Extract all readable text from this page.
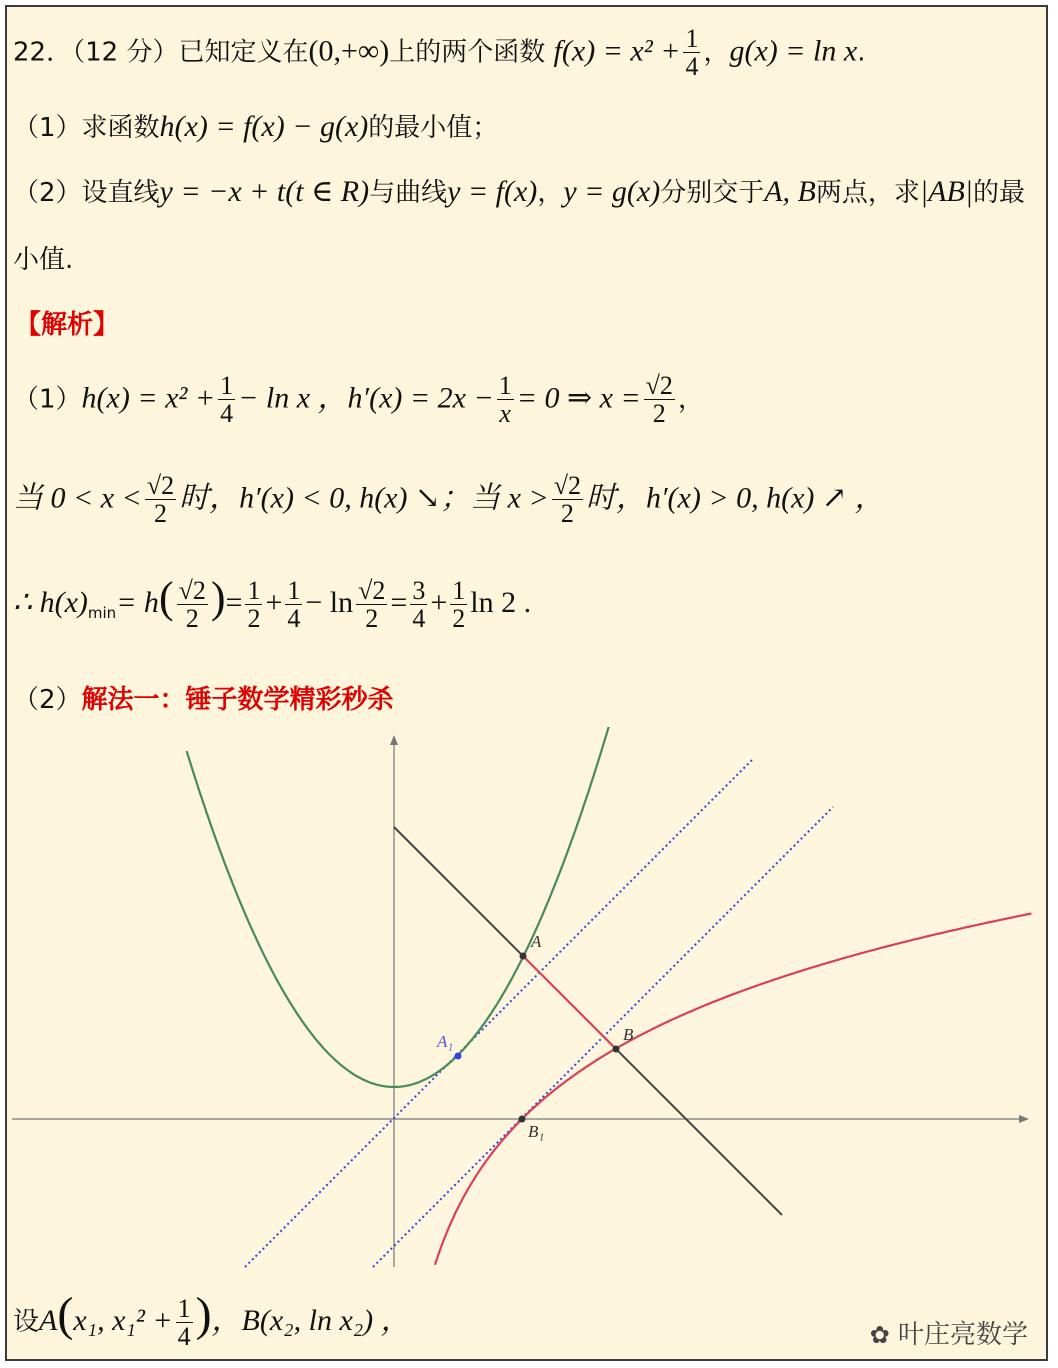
22．（12 分）已知定义在(0,+∞)上的两个函数 $f(x) = x^2 + \frac{1}{4}$ ，g(x) = ln x.
（1）求函数h(x) = f(x) − g(x)的最小值；
（2）设直线y = −x + t(t ∈ R)与曲线y = f(x)，y = g(x)分别交于A, B两点，求|AB|的最
小值.
【解析】
$(1)h(x) = x^2 + \frac{1}{4} - \ln x$ ，$h'(x) = 2x - \frac{1}{x} = 0$ ⇒ $x = \frac{√2}{2}$ ，
当 $0 < x < \frac{√2}{2}$ 时，h′(x) < 0, h(x) ↘；当 $x > \frac{√2}{2}$ 时，h′(x) > 0, h(x) ↗ ，
∴ $h(x)_{min}= h( \frac{√2}{2}$ )= $\frac{1}{2} + \frac{1}{4} - \ln \frac{√2}{2} = \frac{3}{4} + \frac{1}{2}$ ln 2 .
（2）解法一：锤子数学精彩秒杀
A
A₁	B
B₁
设A(x₁, $x_1^2 + \frac{1}{4}$ )，B(x₂, ln x₂) ，	✿ 叶庄亮数学
